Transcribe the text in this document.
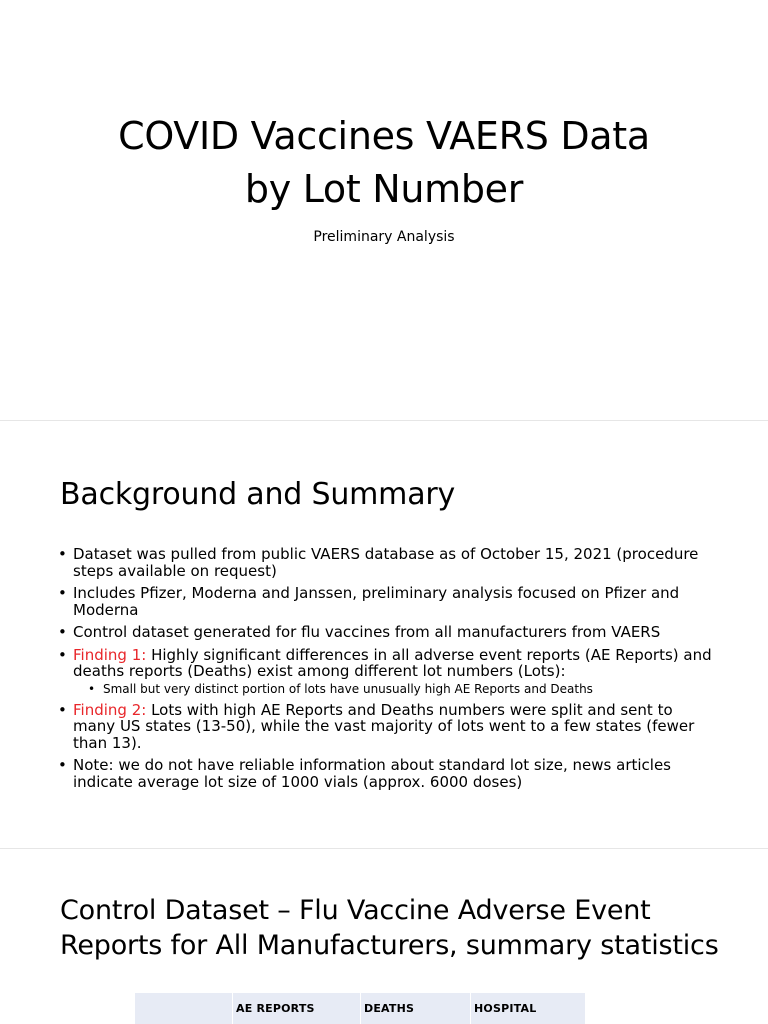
COVID Vaccines VAERS Data
by Lot Number
Preliminary Analysis
Background and Summary
• Dataset was pulled from public VAERS database as of October 15, 2021 (procedure steps available on request)
• Includes Pfizer, Moderna and Janssen, preliminary analysis focused on Pfizer and Moderna
• Control dataset generated for flu vaccines from all manufacturers from VAERS
• Finding 1: Highly significant differences in all adverse event reports (AE Reports) and deaths reports (Deaths) exist among different lot numbers (Lots):
• Small but very distinct portion of lots have unusually high AE Reports and Deaths
• Finding 2: Lots with high AE Reports and Deaths numbers were split and sent to many US states (13-50), while the vast majority of lots went to a few states (fewer than 13).
• Note: we do not have reliable information about standard lot size, news articles indicate average lot size of 1000 vials (approx. 6000 doses)
Control Dataset – Flu Vaccine Adverse Event
Reports for All Manufacturers, summary statistics
AE REPORTS	DEATHS	HOSPITAL
